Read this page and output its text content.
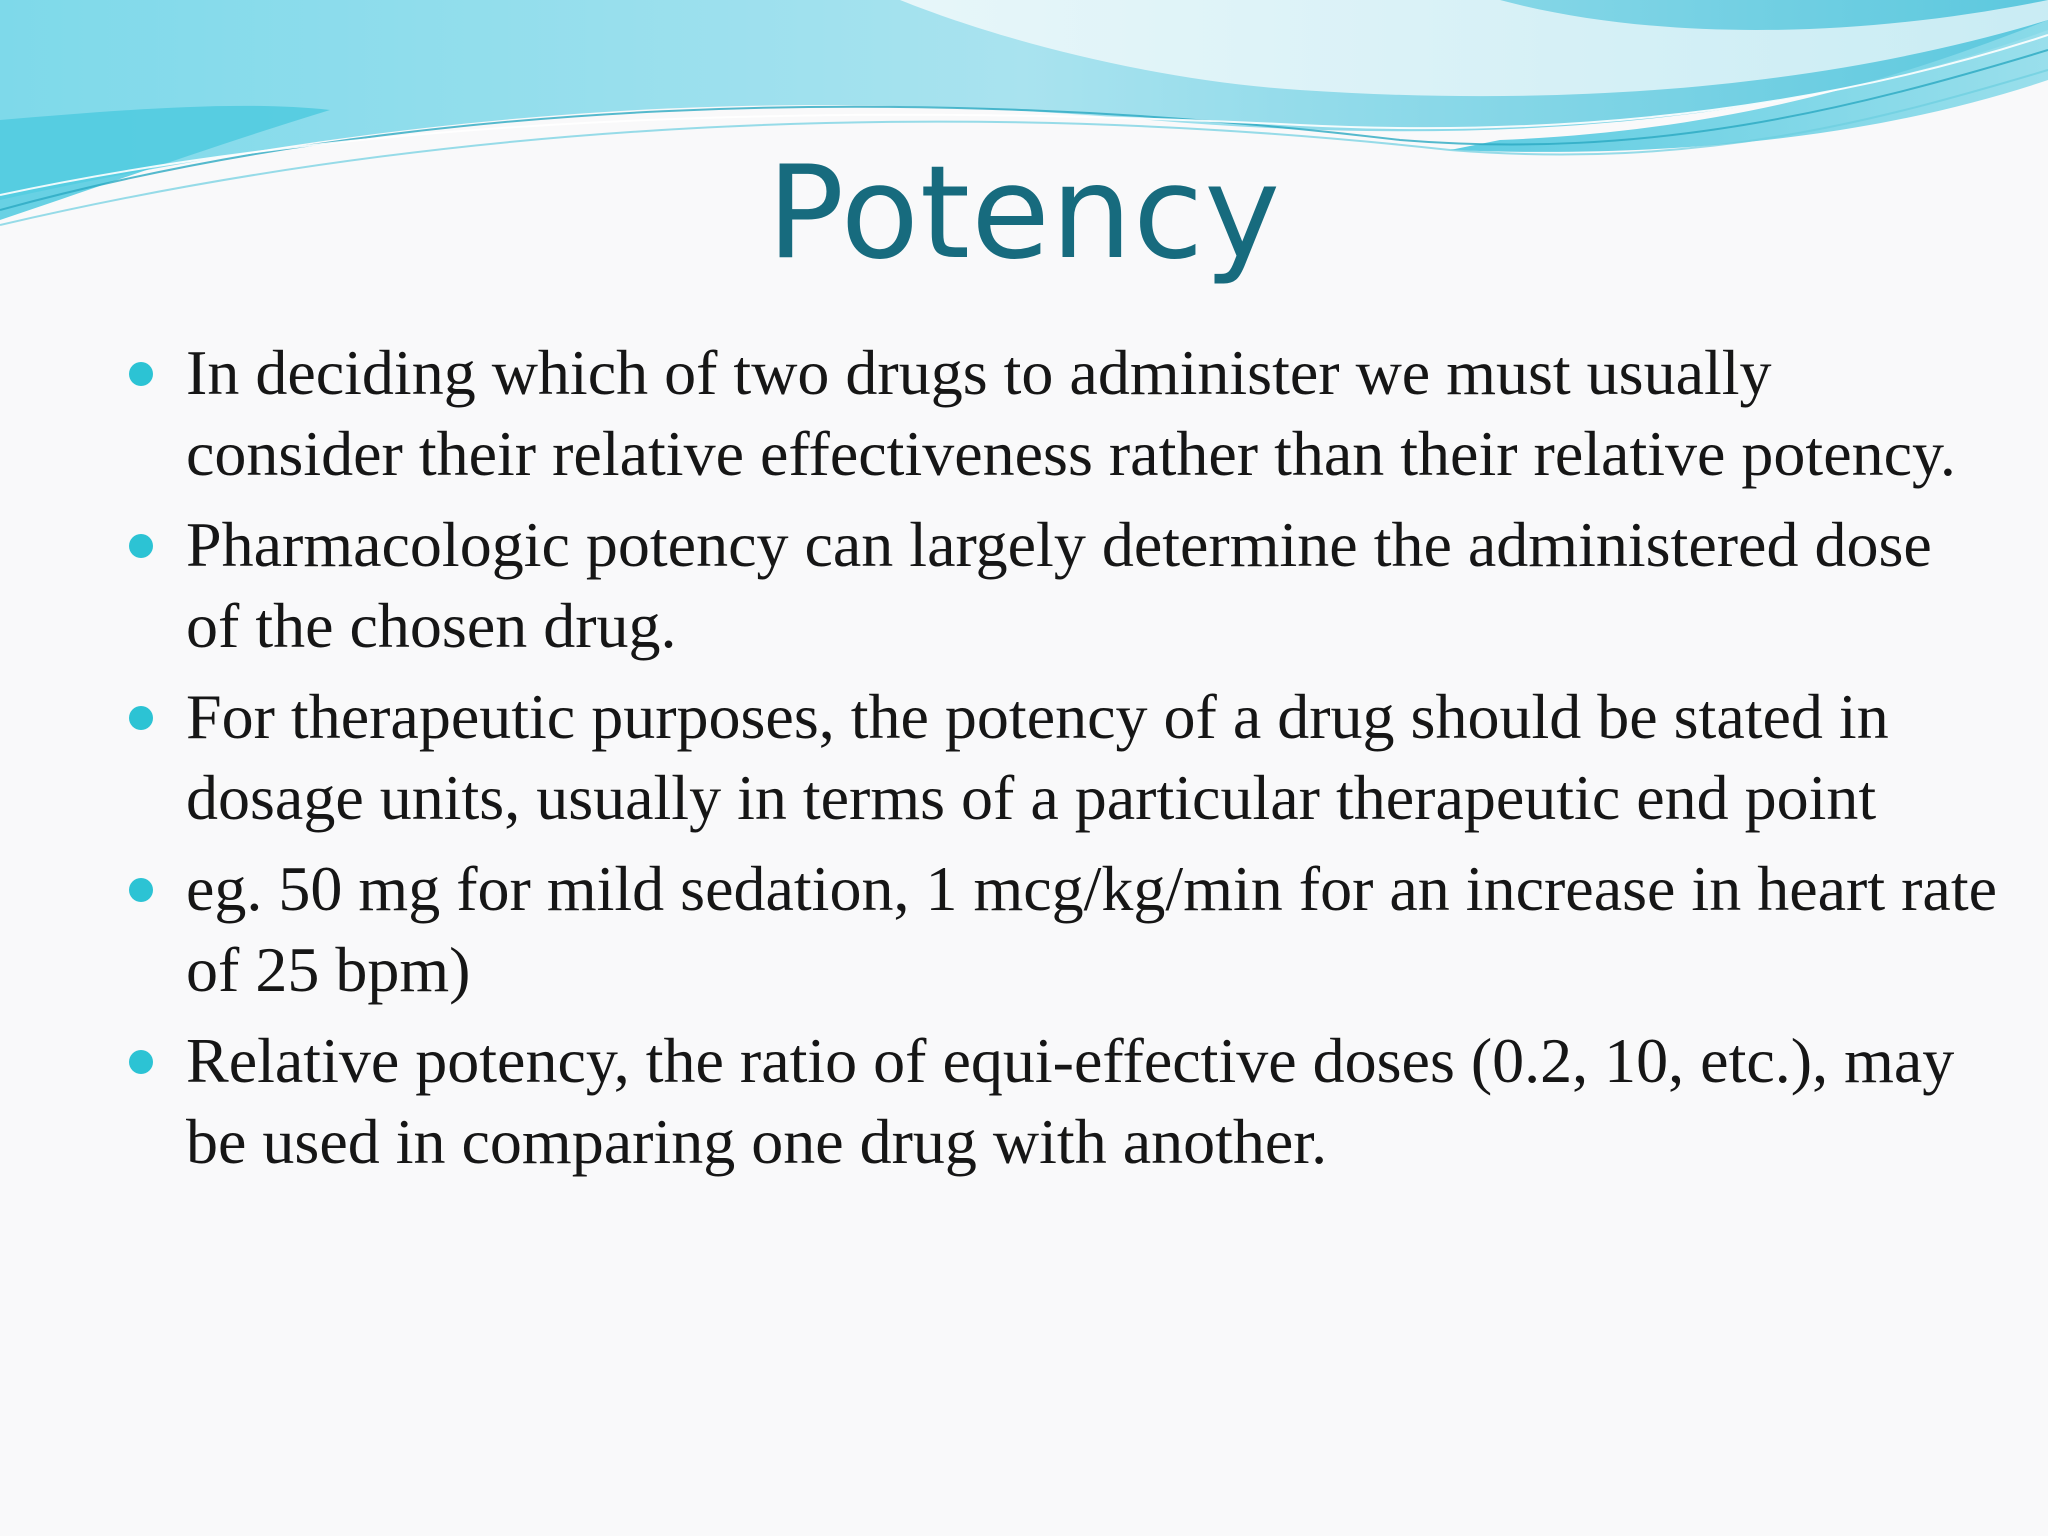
Potency
In deciding which of two drugs to administer we must usually consider their relative effectiveness rather than their relative potency.
Pharmacologic potency can largely determine the administered dose of the chosen drug.
For therapeutic purposes, the potency of a drug should be stated in dosage units, usually in terms of a particular therapeutic end point
eg. 50 mg for mild sedation, 1 mcg/kg/min for an increase in heart rate of 25 bpm)
Relative potency, the ratio of equi-effective doses (0.2, 10, etc.), may be used in comparing one drug with another.
